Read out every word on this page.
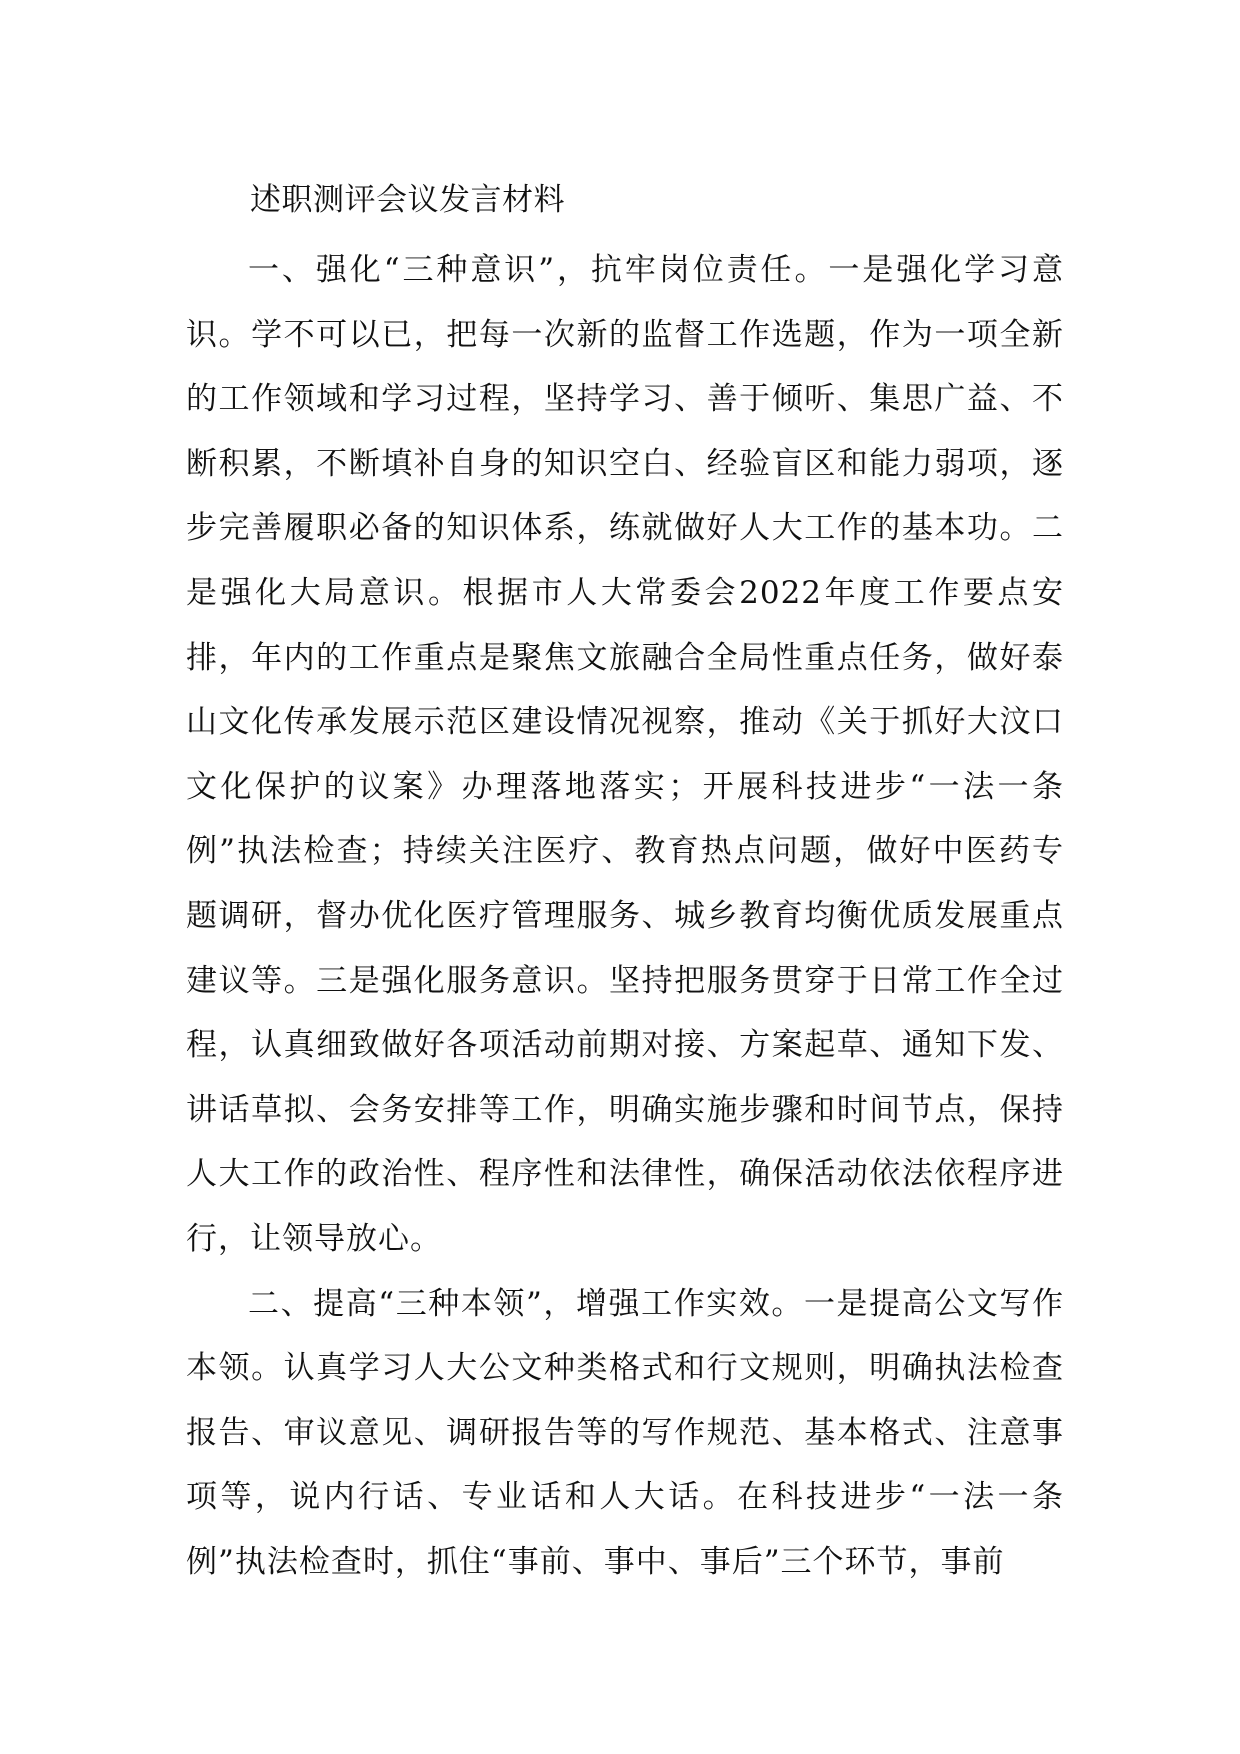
述职测评会议发言材料

一、强化“三种意识”，抗牢岗位责任。一是强化学习意识。学不可以已，把每一次新的监督工作选题，作为一项全新的工作领域和学习过程，坚持学习、善于倾听、集思广益、不断积累，不断填补自身的知识空白、经验盲区和能力弱项，逐步完善履职必备的知识体系，练就做好人大工作的基本功。二是强化大局意识。根据市人大常委会2022年度工作要点安排，年内的工作重点是聚焦文旅融合全局性重点任务，做好泰山文化传承发展示范区建设情况视察，推动《关于抓好大汶口文化保护的议案》办理落地落实；开展科技进步“一法一条例”执法检查；持续关注医疗、教育热点问题，做好中医药专题调研，督办优化医疗管理服务、城乡教育均衡优质发展重点建议等。三是强化服务意识。坚持把服务贯穿于日常工作全过程，认真细致做好各项活动前期对接、方案起草、通知下发、讲话草拟、会务安排等工作，明确实施步骤和时间节点，保持人大工作的政治性、程序性和法律性，确保活动依法依程序进行，让领导放心。

二、提高“三种本领”，增强工作实效。一是提高公文写作本领。认真学习人大公文种类格式和行文规则，明确执法检查报告、审议意见、调研报告等的写作规范、基本格式、注意事项等，说内行话、专业话和人大话。在科技进步“一法一条例”执法检查时，抓住“事前、事中、事后”三个环节，事前
